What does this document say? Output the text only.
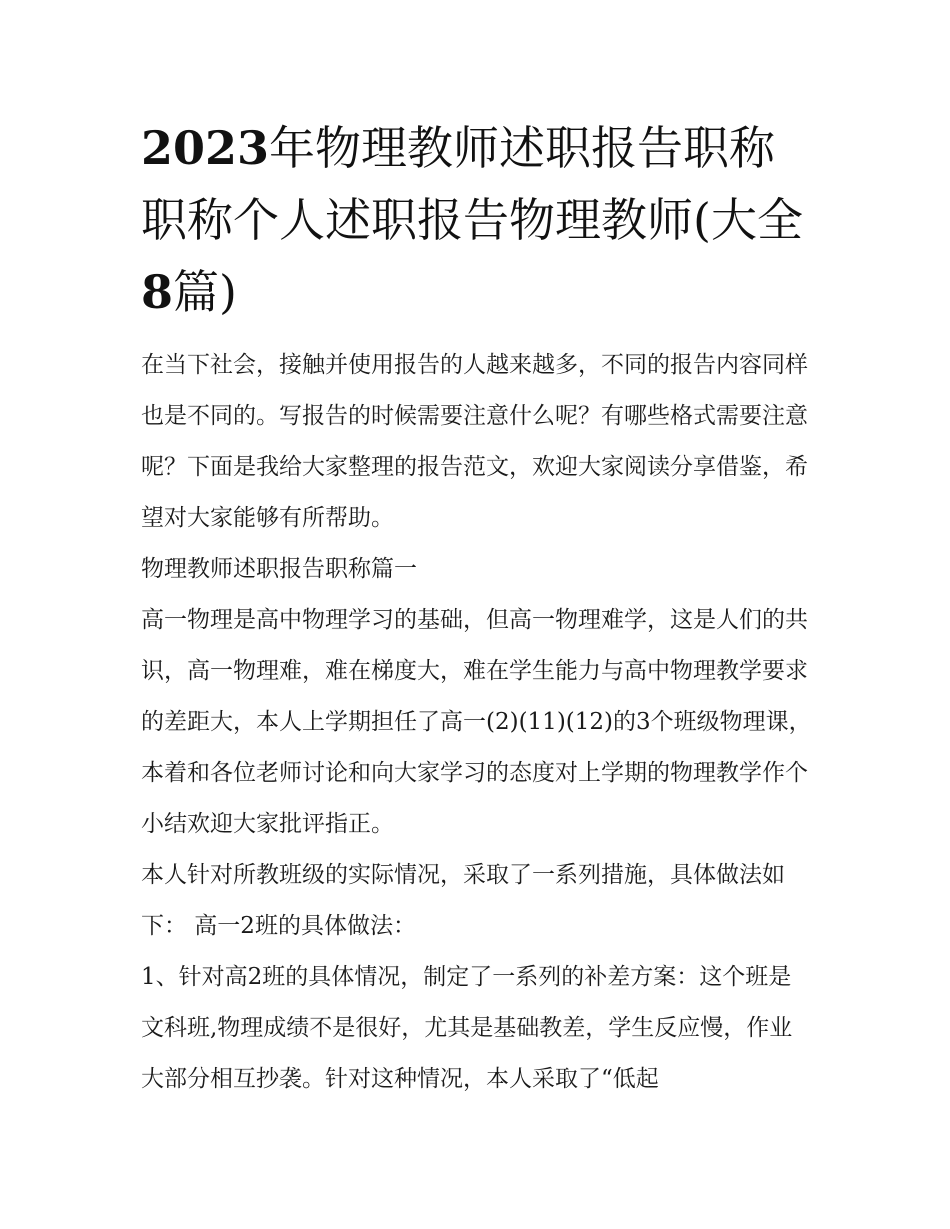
2023年物理教师述职报告职称职称个人述职报告物理教师(大全8篇)

在当下社会，接触并使用报告的人越来越多，不同的报告内容同样也是不同的。写报告的时候需要注意什么呢？有哪些格式需要注意呢？下面是我给大家整理的报告范文，欢迎大家阅读分享借鉴，希望对大家能够有所帮助。

物理教师述职报告职称篇一

高一物理是高中物理学习的基础，但高一物理难学，这是人们的共识，高一物理难，难在梯度大，难在学生能力与高中物理教学要求的差距大，本人上学期担任了高一(2)(11)(12)的3个班级物理课，本着和各位老师讨论和向大家学习的态度对上学期的物理教学作个小结欢迎大家批评指正。

本人针对所教班级的实际情况，采取了一系列措施，具体做法如下： 高一2班的具体做法：

1、针对高2班的具体情况，制定了一系列的补差方案：这个班是文科班,物理成绩不是很好，尤其是基础教差，学生反应慢，作业大部分相互抄袭。针对这种情况，本人采取了“低起
